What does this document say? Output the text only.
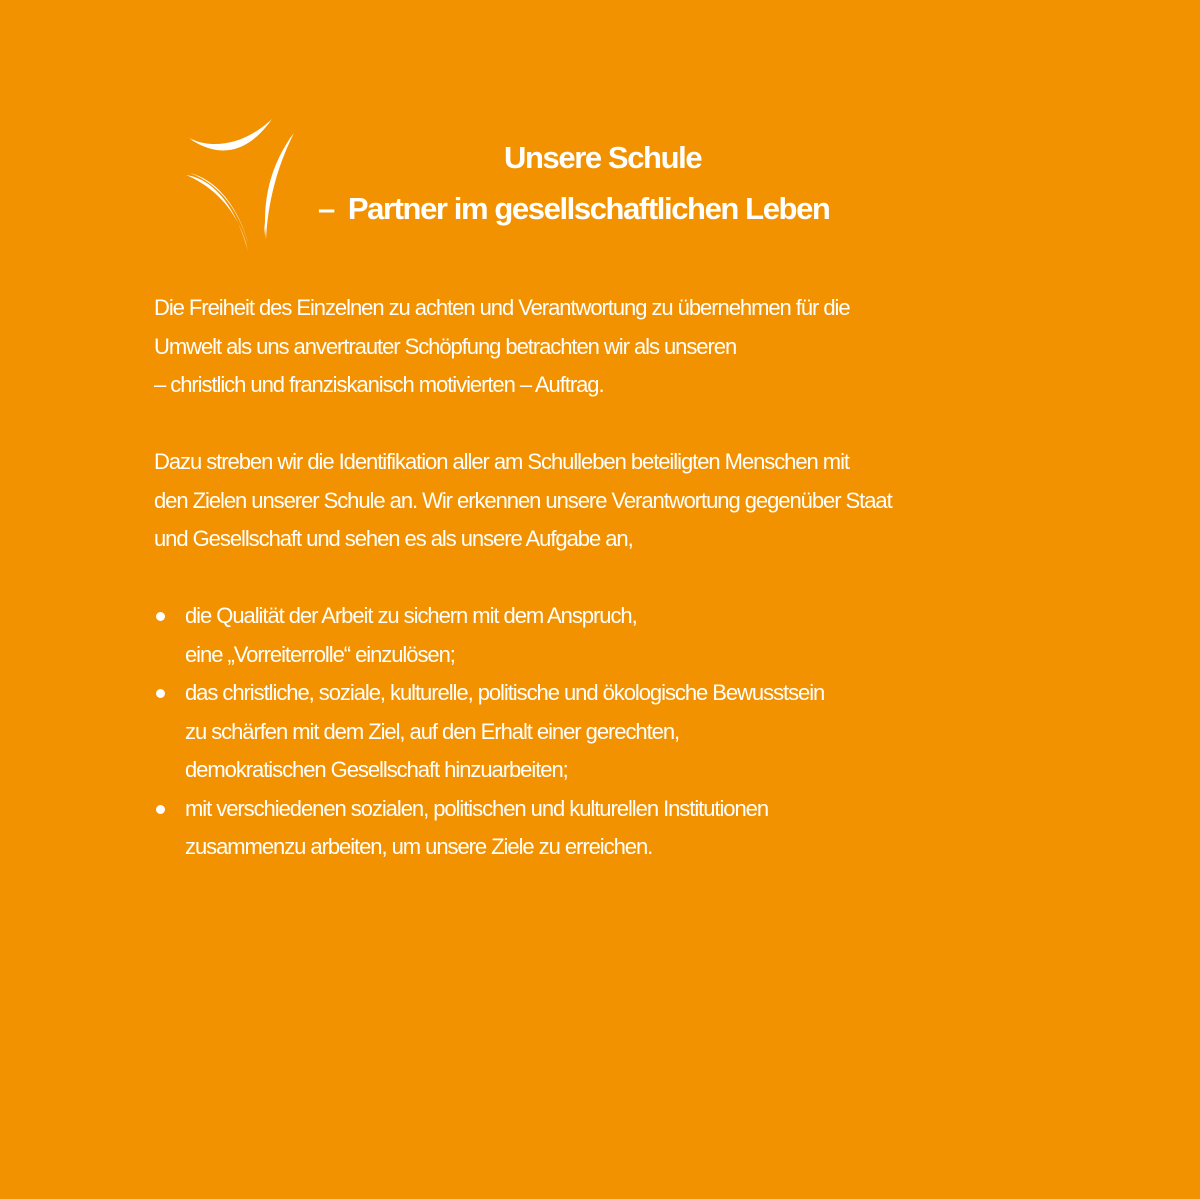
Unsere Schule
– Partner im gesellschaftlichen Leben

Die Freiheit des Einzelnen zu achten und Verantwortung zu übernehmen für die
Umwelt als uns anvertrauter Schöpfung betrachten wir als unseren
– christlich und franziskanisch motivierten – Auftrag.

Dazu streben wir die Identifikation aller am Schulleben beteiligten Menschen mit
den Zielen unserer Schule an. Wir erkennen unsere Verantwortung gegenüber Staat
und Gesellschaft und sehen es als unsere Aufgabe an,

die Qualität der Arbeit zu sichern mit dem Anspruch,
eine „Vorreiterrolle“ einzulösen;
das christliche, soziale, kulturelle, politische und ökologische Bewusstsein
zu schärfen mit dem Ziel, auf den Erhalt einer gerechten,
demokratischen Gesellschaft hinzuarbeiten;
mit verschiedenen sozialen, politischen und kulturellen Institutionen
zusammenzu arbeiten, um unsere Ziele zu erreichen.
